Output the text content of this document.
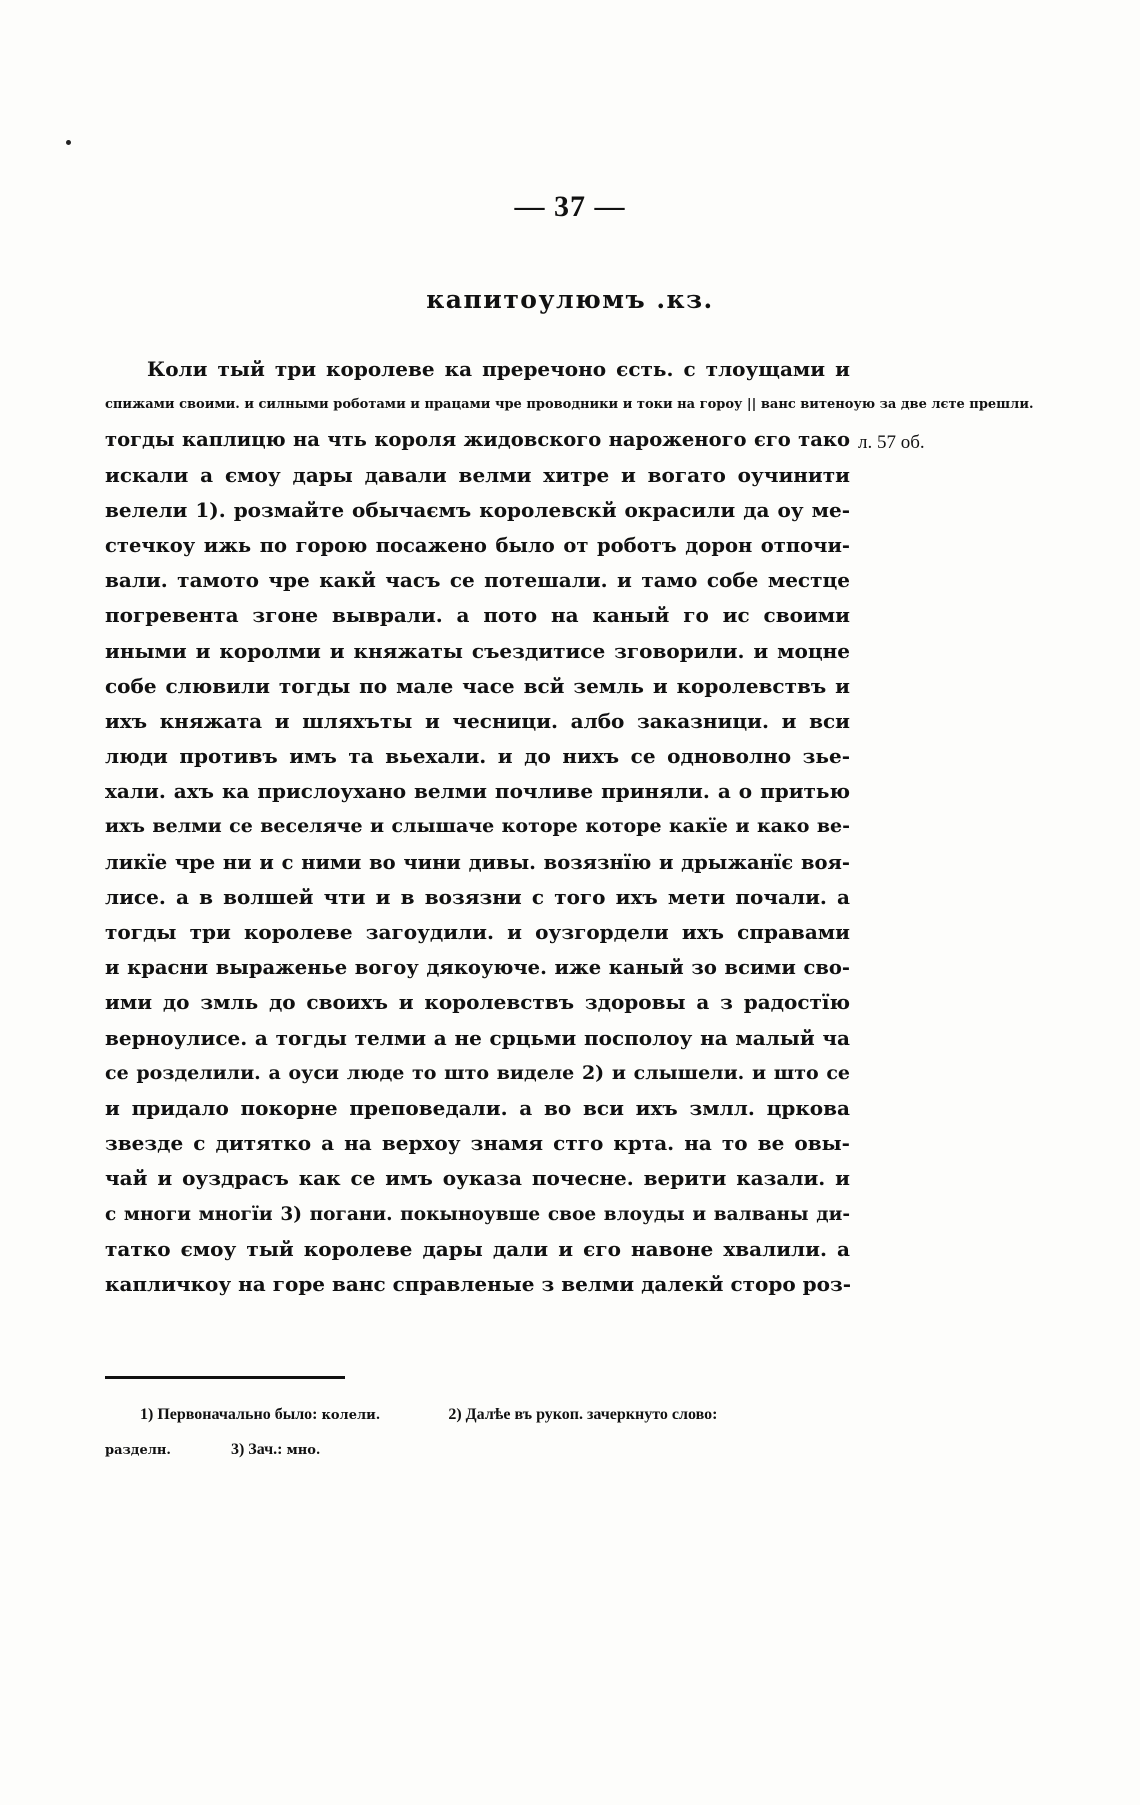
— 37 —
капитоулюмъ .кз.
Коли тый три королеве ка преречоно єсть. с тлоущами и
спижами своими. и силными роботами и працами чре проводники и токи на гороу || ванс витеноую за две лєте прешли.
тогды каплицю на чть короля жидовского нароженого єго тако
искали а ємоу дары давали велми хитре и вогато оучинити
велели 1). розмайте обычаємъ королевскй окрасили да оу ме-
стечкоу ижь по горою посажено было от роботъ дорон отпочи-
вали. тамото чре какй часъ се потешали. и тамо собе местце
погревента згоне выврали. а пото на каный го ис своими
иными и королми и княжаты съездитисе зговорили. и моцне
собе слювили тогды по мале часе всй земль и королевствъ и
ихъ княжата и шляхъты и чесници. албо заказници. и вси
люди противъ имъ та вьехали. и до нихъ се одноволно зье-
хали. ахъ ка прислоухано велми почливе приняли. а о притью
ихъ велми се веселяче и слышаче которе которе какїе и како ве-
ликїе чре ни и с ними во чини дивы. возязнїю и дрыжанїє воя-
лисе. а в волшей чти и в возязни с того ихъ мети почали. а
тогды три королеве загоудили. и оузгордели ихъ справами
и красни выраженье вогоу дякоуюче. иже каный зо всими сво-
ими до змль до своихъ и королевствъ здоровы а з радостїю
верноулисе. а тогды телми а не срцьми посполоу на малый ча
се розделили. а оуси люде то што виделе 2) и слышели. и што се
и придало покорне преповедали. а во вси ихъ змлл. цркова
звезде с дитятко а на верхоу знамя стго крта. на то ве овы-
чай и оуздрасъ как се имъ оуказа почесне. верити казали. и
с многи многїи 3) погани. покыноувше свое влоуды и валваны ди-
татко ємоу тый королеве дары дали и єго навоне хвалили. а
капличкоу на горе ванс справленые з велми далекй сторо роз-
л. 57 об.
1) Первоначально было: колели.	2) Далѣе въ рукоп. зачеркнуто слово:
разделн.	3) Зач.: мно.
